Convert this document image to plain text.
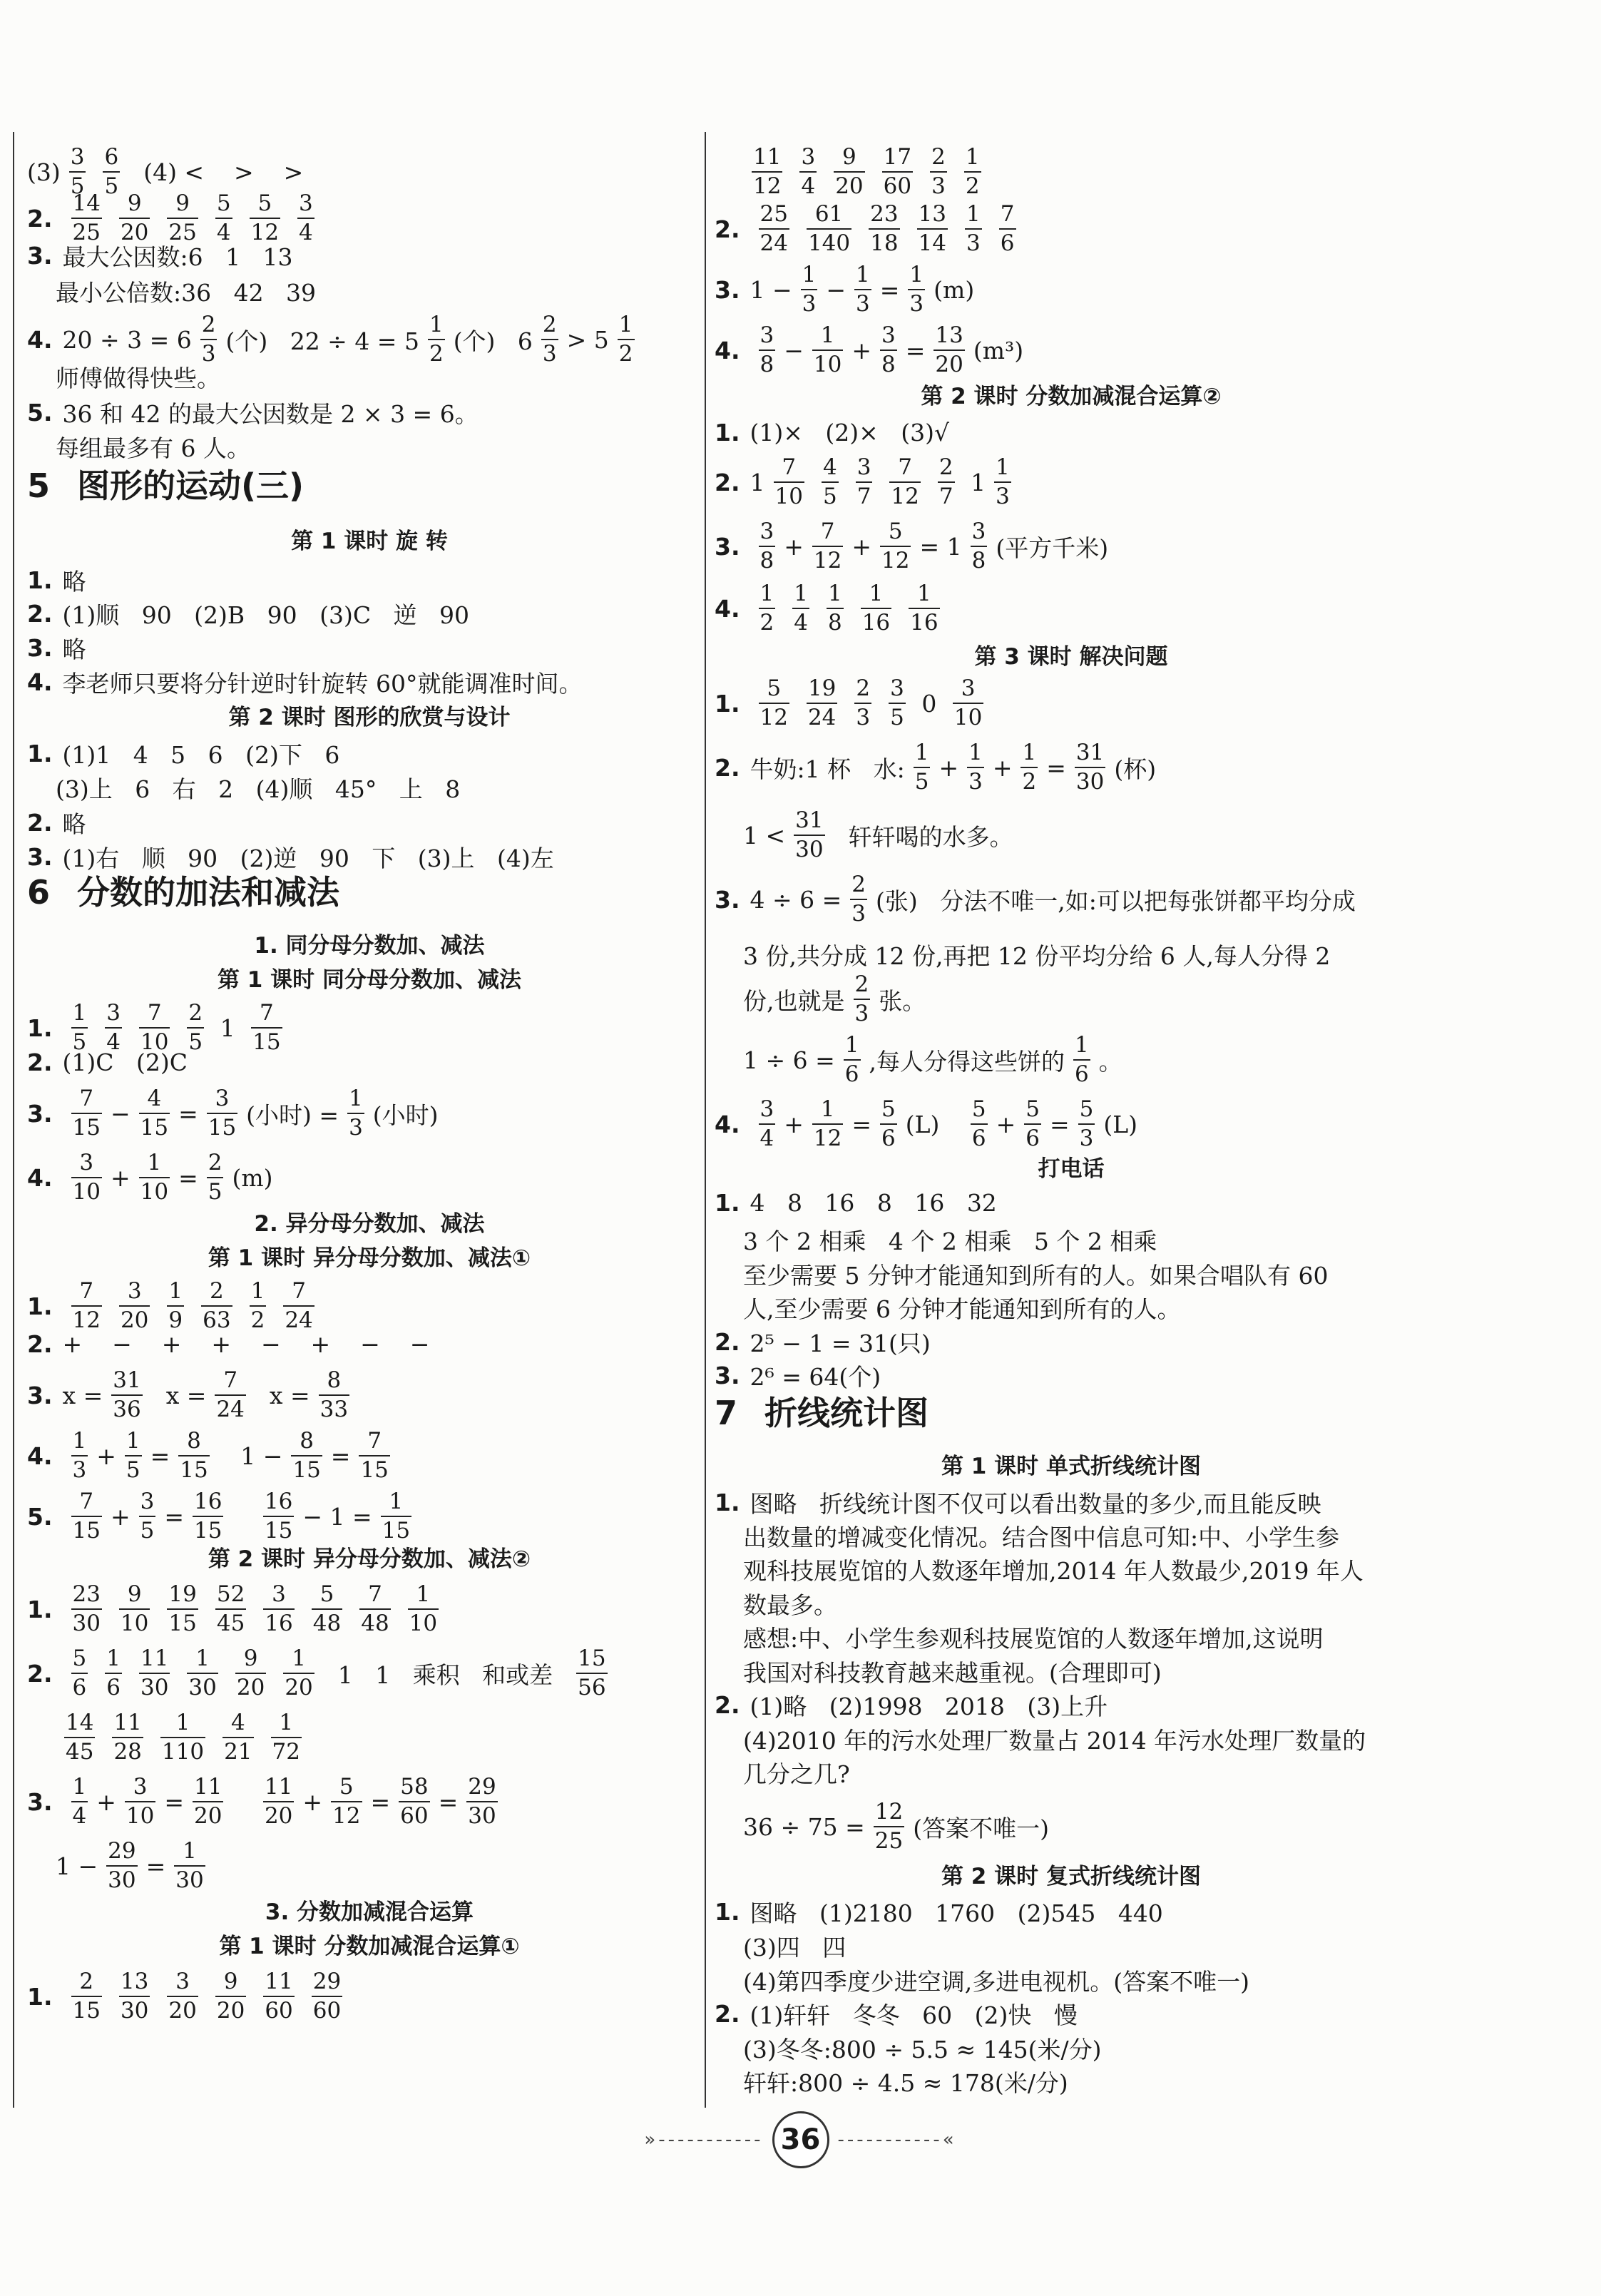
$(3) \frac{3}{5} \frac{6}{5} (4)$ <    >    >
2. $\frac{14}{25} \frac{9}{20} \frac{9}{25} \frac{5}{4} \frac{5}{12} \frac{3}{4}$
3. 最大公因数:6   1   13
最小公倍数:36   42   39
4. $20 \div 3 = 6 \frac{2}{3}$ (个)   $22 \div 4 = 5 \frac{1}{2}$ (个)   $6 \frac{2}{3} > 5 \frac{1}{2}$
师傅做得快些。
5. 36 和 42 的最大公因数是 2 × 3 = 6。
每组最多有 6 人。
5 图形的运动(三)
第 1 课时 旋 转
1. 略
2. (1)顺   90   (2)B   90   (3)C   逆   90
3. 略
4. 李老师只要将分针逆时针旋转 60°就能调准时间。
第 2 课时 图形的欣赏与设计
1. (1)1   4   5   6   (2)下   6
(3)上   6   右   2   (4)顺   45°   上   8
2. 略
3. (1)右   顺   90   (2)逆   90   下   (3)上   (4)左
6 分数的加法和减法
1. 同分母分数加、减法
第 1 课时 同分母分数加、减法
1. $\frac{1}{5} \frac{3}{4} \frac{7}{10} \frac{2}{5} 1 \frac{7}{15}$
2. (1)C   (2)C
3. $\frac{7}{15} - \frac{4}{15} = \frac{3}{15}$ (小时) = $\frac{1}{3}$ (小时)
4. $\frac{3}{10} + \frac{1}{10} = \frac{2}{5} (m)$
2. 异分母分数加、减法
第 1 课时 异分母分数加、减法①
1. $\frac{7}{12} \frac{3}{20} \frac{1}{9} \frac{2}{63} \frac{1}{2} \frac{7}{24}$
2. +    −    +    +    −    +    −    −
3. $x = \frac{31}{36}$ $x = \frac{7}{24}$ $x = \frac{8}{33}$
4. $\frac{1}{3} + \frac{1}{5} = \frac{8}{15} 1 - \frac{8}{15} = \frac{7}{15}$
5. $\frac{7}{15} + \frac{3}{5} = \frac{16}{15}$
$\frac{16}{15} - 1 = \frac{1}{15}$
第 2 课时 异分母分数加、减法②
1. $\frac{23}{30} \frac{9}{10} \frac{19}{15} \frac{52}{45} \frac{3}{16} \frac{5}{48} \frac{7}{48} \frac{1}{10}$
2. $\frac{5}{6} \frac{1}{6} \frac{11}{30} \frac{1}{30} \frac{9}{20} \frac{1}{20} 1$   1   乘积   和或差 $\frac{15}{56}$
$\frac{14}{45} \frac{11}{28} \frac{1}{110} \frac{4}{21} \frac{1}{72}$
3. $\frac{1}{4} + \frac{3}{10} = \frac{11}{20}$
$\frac{11}{20} + \frac{5}{12} = \frac{58}{60} = \frac{29}{30}$
$1 - \frac{29}{30} = \frac{1}{30}$
3. 分数加减混合运算
第 1 课时 分数加减混合运算①
1. $\frac{2}{15} \frac{13}{30} \frac{3}{20} \frac{9}{20} \frac{11}{60} \frac{29}{60}$
$\frac{11}{12} \frac{3}{4} \frac{9}{20} \frac{17}{60} \frac{2}{3} \frac{1}{2}$
2. $\frac{25}{24} \frac{61}{140} \frac{23}{18} \frac{13}{14} \frac{1}{3} \frac{7}{6}$
3. $1 - \frac{1}{3} - \frac{1}{3} = \frac{1}{3} (m)$
4. $\frac{3}{8} - \frac{1}{10} + \frac{3}{8} = \frac{13}{20} (m^3)$
第 2 课时 分数加减混合运算②
1. (1)×   (2)×   (3)√
2. $1 \frac{7}{10} \frac{4}{5} \frac{3}{7} \frac{7}{12} \frac{2}{7} 1 \frac{1}{3}$
3. $\frac{3}{8} + \frac{7}{12} + \frac{5}{12} = 1 \frac{3}{8}$ (平方千米)
4. $\frac{1}{2} \frac{1}{4} \frac{1}{8} \frac{1}{16} \frac{1}{16}$
第 3 课时 解决问题
1. $\frac{5}{12} \frac{19}{24} \frac{2}{3} \frac{3}{5} 0 \frac{3}{10}$
2. 牛奶:1 杯   水: $\frac{1}{5} + \frac{1}{3} + \frac{1}{2} = \frac{31}{30}$ (杯)
$1 < \frac{31}{30}$ 轩轩喝的水多。
3. $4 \div 6 = \frac{2}{3}$ (张)   分法不唯一,如:可以把每张饼都平均分成
3 份,共分成 12 份,再把 12 份平均分给 6 人,每人分得 2
份,也就是 $\frac{2}{3}$ 张。
$1 \div 6 = \frac{1}{6}$ ,每人分得这些饼的 $\frac{1}{6}$ 。
4. $\frac{3}{4} + \frac{1}{12} = \frac{5}{6} (L) \frac{5}{6} + \frac{5}{6} = \frac{5}{3} (L)$
打电话
1. 4   8   16   8   16   32
3 个 2 相乘   4 个 2 相乘   5 个 2 相乘
至少需要 5 分钟才能通知到所有的人。如果合唱队有 60
人,至少需要 6 分钟才能通知到所有的人。
2. 2⁵ − 1 = 31(只)
3. 2⁶ = 64(个)
7 折线统计图
第 1 课时 单式折线统计图
1. 图略   折线统计图不仅可以看出数量的多少,而且能反映
出数量的增减变化情况。结合图中信息可知:中、小学生参
观科技展览馆的人数逐年增加,2014 年人数最少,2019 年人
数最多。
感想:中、小学生参观科技展览馆的人数逐年增加,这说明
我国对科技教育越来越重视。(合理即可)
2. (1)略   (2)1998   2018   (3)上升
(4)2010 年的污水处理厂数量占 2014 年污水处理厂数量的
几分之几?
$36 \div 75 = \frac{12}{25}$ (答案不唯一)
第 2 课时 复式折线统计图
1. 图略   (1)2180   1760   (2)545   440
(3)四   四
(4)第四季度少进空调,多进电视机。(答案不唯一)
2. (1)轩轩   冬冬   60   (2)快   慢
(3)冬冬:800 ÷ 5.5 ≈ 145(米/分)
轩轩:800 ÷ 4.5 ≈ 178(米/分)
»----------- 36 -----------«
